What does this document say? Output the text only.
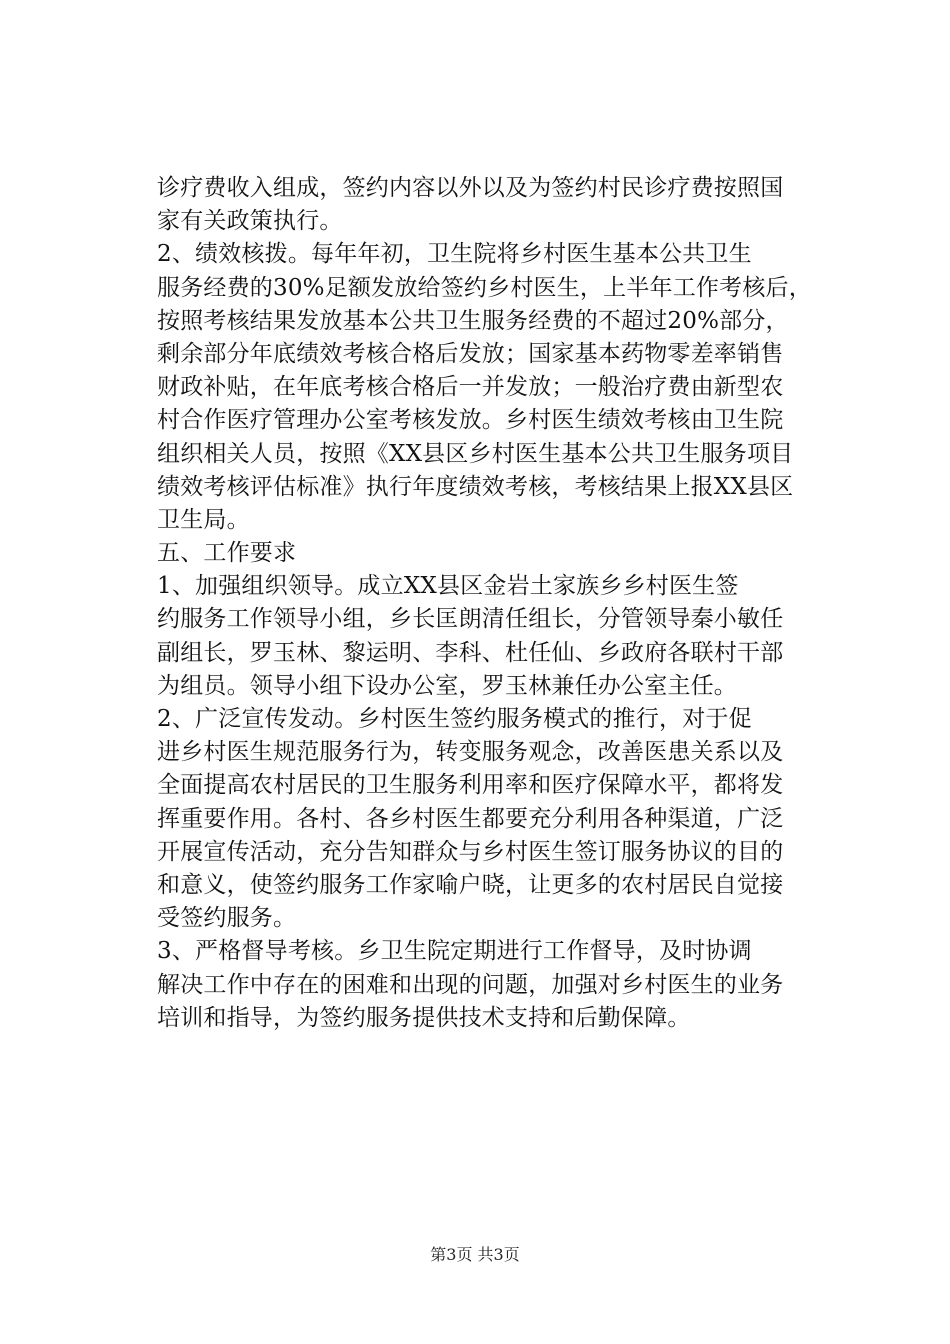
诊疗费收入组成，签约内容以外以及为签约村民诊疗费按照国
家有关政策执行。
2、绩效核拨。每年年初，卫生院将乡村医生基本公共卫生
服务经费的30%足额发放给签约乡村医生，上半年工作考核后，
按照考核结果发放基本公共卫生服务经费的不超过20%部分，
剩余部分年底绩效考核合格后发放；国家基本药物零差率销售
财政补贴，在年底考核合格后一并发放；一般治疗费由新型农
村合作医疗管理办公室考核发放。乡村医生绩效考核由卫生院
组织相关人员，按照《XX县区乡村医生基本公共卫生服务项目
绩效考核评估标准》执行年度绩效考核，考核结果上报XX县区
卫生局。
五、工作要求
1、加强组织领导。成立XX县区金岩土家族乡乡村医生签
约服务工作领导小组，乡长匡朗清任组长，分管领导秦小敏任
副组长，罗玉林、黎运明、李科、杜任仙、乡政府各联村干部
为组员。领导小组下设办公室，罗玉林兼任办公室主任。
2、广泛宣传发动。乡村医生签约服务模式的推行，对于促
进乡村医生规范服务行为，转变服务观念，改善医患关系以及
全面提高农村居民的卫生服务利用率和医疗保障水平，都将发
挥重要作用。各村、各乡村医生都要充分利用各种渠道，广泛
开展宣传活动，充分告知群众与乡村医生签订服务协议的目的
和意义，使签约服务工作家喻户晓，让更多的农村居民自觉接
受签约服务。
3、严格督导考核。乡卫生院定期进行工作督导，及时协调
解决工作中存在的困难和出现的问题，加强对乡村医生的业务
培训和指导，为签约服务提供技术支持和后勤保障。
第3页 共3页
